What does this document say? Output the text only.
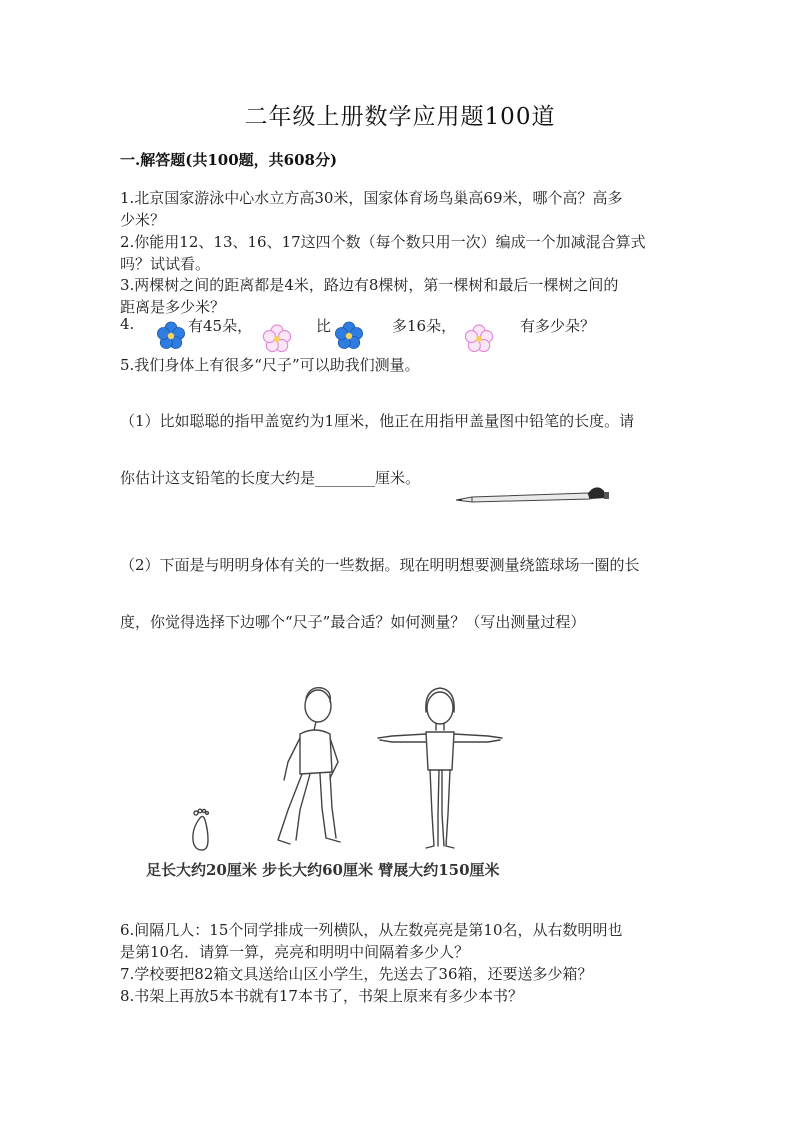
二年级上册数学应用题100道
一.解答题(共100题，共608分)
1.北京国家游泳中心水立方高30米，国家体育场鸟巢高69米，哪个高？高多
少米？
2.你能用12、13、16、17这四个数（每个数只用一次）编成一个加减混合算式
吗？试试看。
3.两棵树之间的距离都是4米，路边有8棵树，第一棵树和最后一棵树之间的
距离是多少米？
4.	有45朵，	比	多16朵，	有多少朵？
5.我们身体上有很多“尺子”可以助我们测量。
（1）比如聪聪的指甲盖宽约为1厘米，他正在用指甲盖量图中铅笔的长度。请
你估计这支铅笔的长度大约是________厘米。
（2）下面是与明明身体有关的一些数据。现在明明想要测量绕篮球场一圈的长
度，你觉得选择下边哪个“尺子”最合适？如何测量？（写出测量过程）
足长大约20厘米 步长大约60厘米 臂展大约150厘米
6.间隔几人：15个同学排成一列横队，从左数亮亮是第10名，从右数明明也
是第10名．请算一算，亮亮和明明中间隔着多少人？
7.学校要把82箱文具送给山区小学生，先送去了36箱，还要送多少箱？
8.书架上再放5本书就有17本书了，书架上原来有多少本书？
